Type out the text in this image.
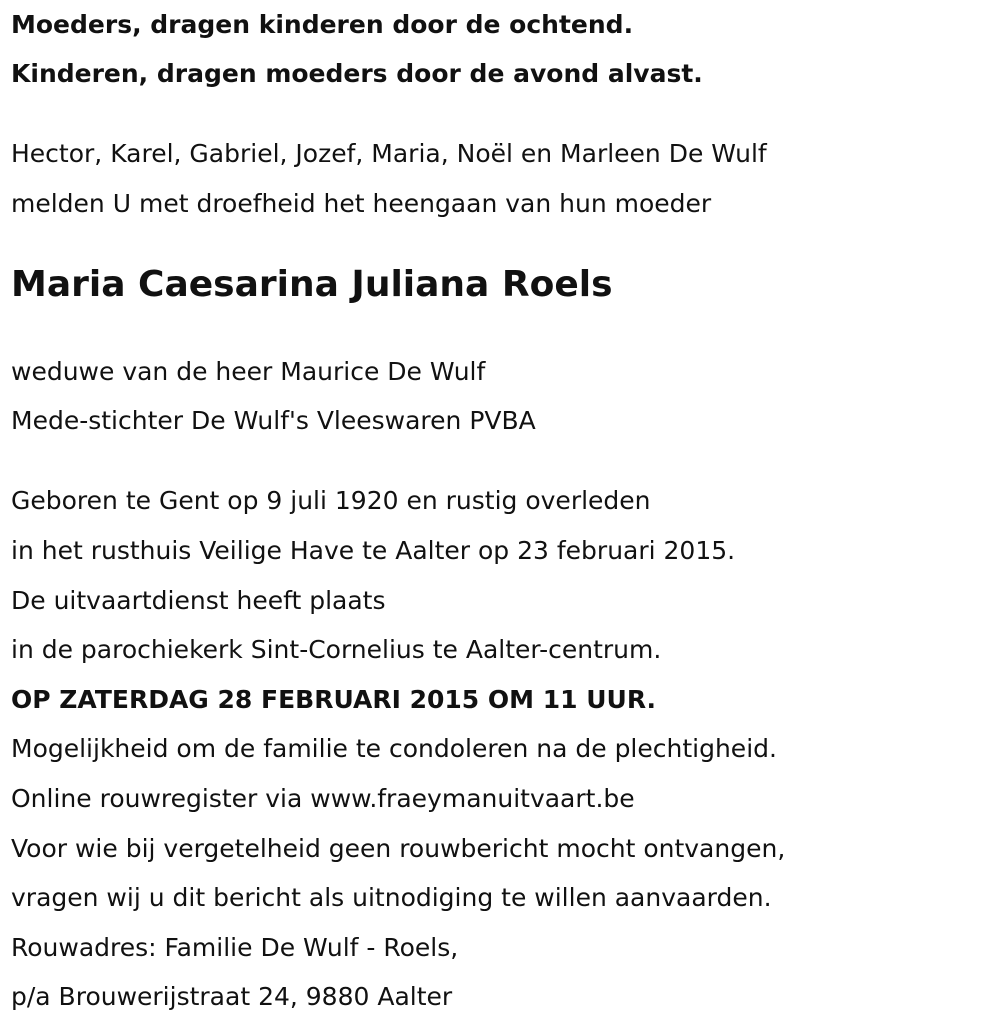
Moeders, dragen kinderen door de ochtend.
Kinderen, dragen moeders door de avond alvast.
Hector, Karel, Gabriel, Jozef, Maria, Noël en Marleen De Wulf
melden U met droefheid het heengaan van hun moeder
Maria Caesarina Juliana Roels
weduwe van de heer Maurice De Wulf
Mede-stichter De Wulf's Vleeswaren PVBA
Geboren te Gent op 9 juli 1920 en rustig overleden
in het rusthuis Veilige Have te Aalter op 23 februari 2015.
De uitvaartdienst heeft plaats
in de parochiekerk Sint-Cornelius te Aalter-centrum.
OP ZATERDAG 28 FEBRUARI 2015 OM 11 UUR.
Mogelijkheid om de familie te condoleren na de plechtigheid.
Online rouwregister via www.fraeymanuitvaart.be
Voor wie bij vergetelheid geen rouwbericht mocht ontvangen,
vragen wij u dit bericht als uitnodiging te willen aanvaarden.
Rouwadres: Familie De Wulf - Roels,
p/a Brouwerijstraat 24, 9880 Aalter
